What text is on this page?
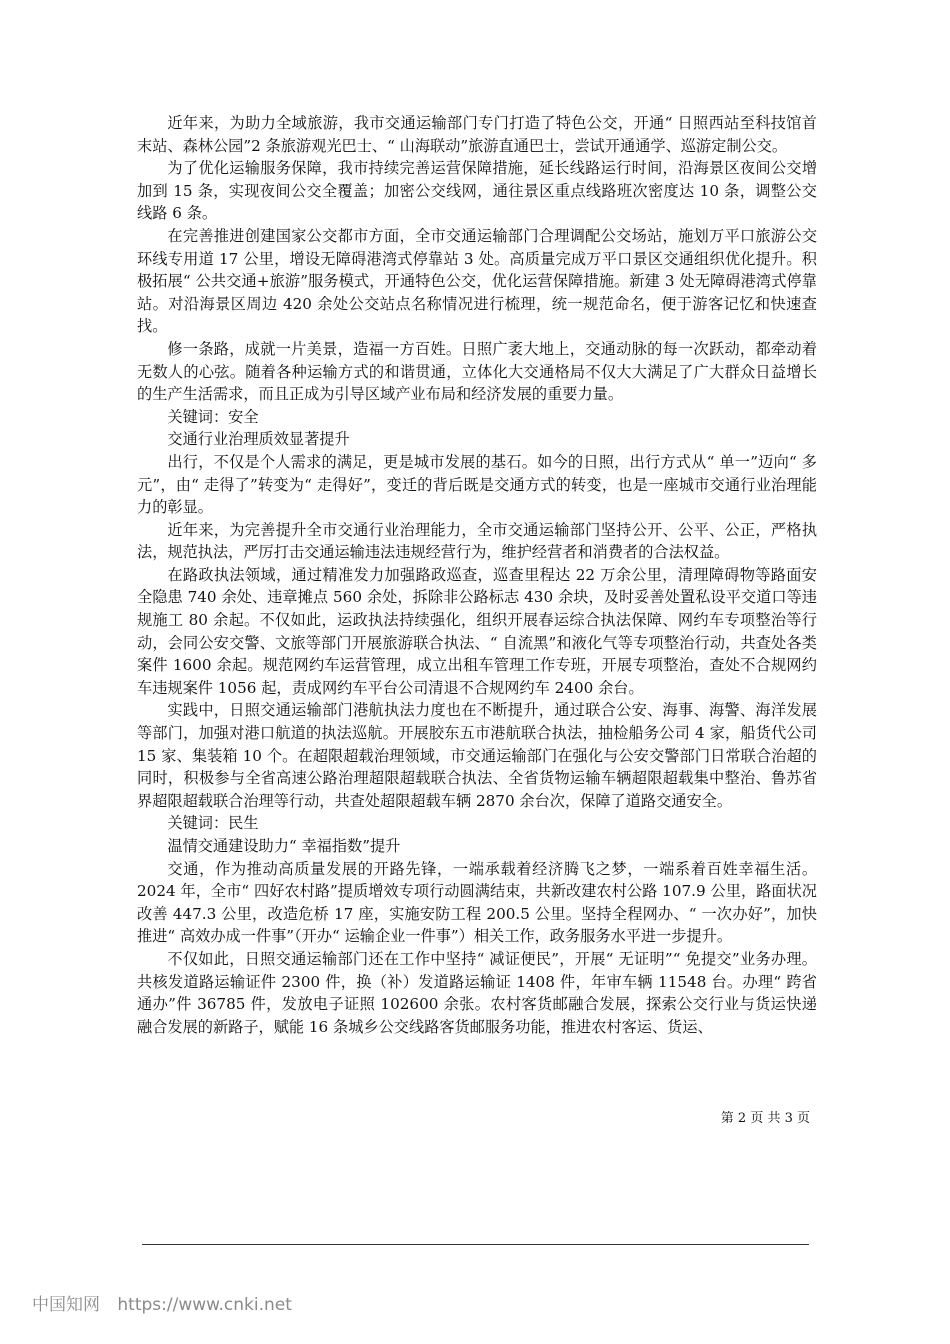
近年来，为助力全域旅游，我市交通运输部门专门打造了特色公交，开通“ 日照西站至科技馆首末站、森林公园”2 条旅游观光巴士、“ 山海联动”旅游直通巴士，尝试开通通学、巡游定制公交。

为了优化运输服务保障，我市持续完善运营保障措施，延长线路运行时间，沿海景区夜间公交增加到 15 条，实现夜间公交全覆盖；加密公交线网，通往景区重点线路班次密度达 10 条，调整公交线路 6 条。

在完善推进创建国家公交都市方面，全市交通运输部门合理调配公交场站，施划万平口旅游公交环线专用道 17 公里，增设无障碍港湾式停靠站 3 处。高质量完成万平口景区交通组织优化提升。积极拓展“ 公共交通+旅游”服务模式，开通特色公交，优化运营保障措施。新建 3 处无障碍港湾式停靠站。对沿海景区周边 420 余处公交站点名称情况进行梳理，统一规范命名，便于游客记忆和快速查找。

修一条路，成就一片美景，造福一方百姓。日照广袤大地上，交通动脉的每一次跃动，都牵动着无数人的心弦。随着各种运输方式的和谐贯通，立体化大交通格局不仅大大满足了广大群众日益增长的生产生活需求，而且正成为引导区域产业布局和经济发展的重要力量。

关键词：安全

交通行业治理质效显著提升

出行，不仅是个人需求的满足，更是城市发展的基石。如今的日照，出行方式从“ 单一”迈向“ 多元”，由“ 走得了”转变为“ 走得好”，变迁的背后既是交通方式的转变，也是一座城市交通行业治理能力的彰显。

近年来，为完善提升全市交通行业治理能力，全市交通运输部门坚持公开、公平、公正，严格执法，规范执法，严厉打击交通运输违法违规经营行为，维护经营者和消费者的合法权益。

在路政执法领域，通过精准发力加强路政巡查，巡查里程达 22 万余公里，清理障碍物等路面安全隐患 740 余处、违章摊点 560 余处，拆除非公路标志 430 余块，及时妥善处置私设平交道口等违规施工 80 余起。不仅如此，运政执法持续强化，组织开展春运综合执法保障、网约车专项整治等行动，会同公安交警、文旅等部门开展旅游联合执法、“ 自流黑”和液化气等专项整治行动，共查处各类案件 1600 余起。规范网约车运营管理，成立出租车管理工作专班，开展专项整治，查处不合规网约车违规案件 1056 起，责成网约车平台公司清退不合规网约车 2400 余台。

实践中，日照交通运输部门港航执法力度也在不断提升，通过联合公安、海事、海警、海洋发展等部门，加强对港口航道的执法巡航。开展胶东五市港航联合执法，抽检船务公司 4 家，船货代公司 15 家、集装箱 10 个。在超限超载治理领域，市交通运输部门在强化与公安交警部门日常联合治超的同时，积极参与全省高速公路治理超限超载联合执法、全省货物运输车辆超限超载集中整治、鲁苏省界超限超载联合治理等行动，共查处超限超载车辆 2870 余台次，保障了道路交通安全。

关键词：民生

温情交通建设助力“ 幸福指数”提升

交通，作为推动高质量发展的开路先锋，一端承载着经济腾飞之梦，一端系着百姓幸福生活。2024 年，全市“ 四好农村路”提质增效专项行动圆满结束，共新改建农村公路 107.9 公里，路面状况改善 447.3 公里，改造危桥 17 座，实施安防工程 200.5 公里。坚持全程网办、“ 一次办好”，加快推进“ 高效办成一件事”（开办“ 运输企业一件事”）相关工作，政务服务水平进一步提升。

不仅如此，日照交通运输部门还在工作中坚持“ 减证便民”，开展“ 无证明”“ 免提交”业务办理。共核发道路运输证件 2300 件，换（补）发道路运输证 1408 件，年审车辆 11548 台。办理“ 跨省通办”件 36785 件，发放电子证照 102600 余张。农村客货邮融合发展，探索公交行业与货运快递融合发展的新路子，赋能 16 条城乡公交线路客货邮服务功能，推进农村客运、货运、

第 2 页 共 3 页
中国知网 https://www.cnki.net
